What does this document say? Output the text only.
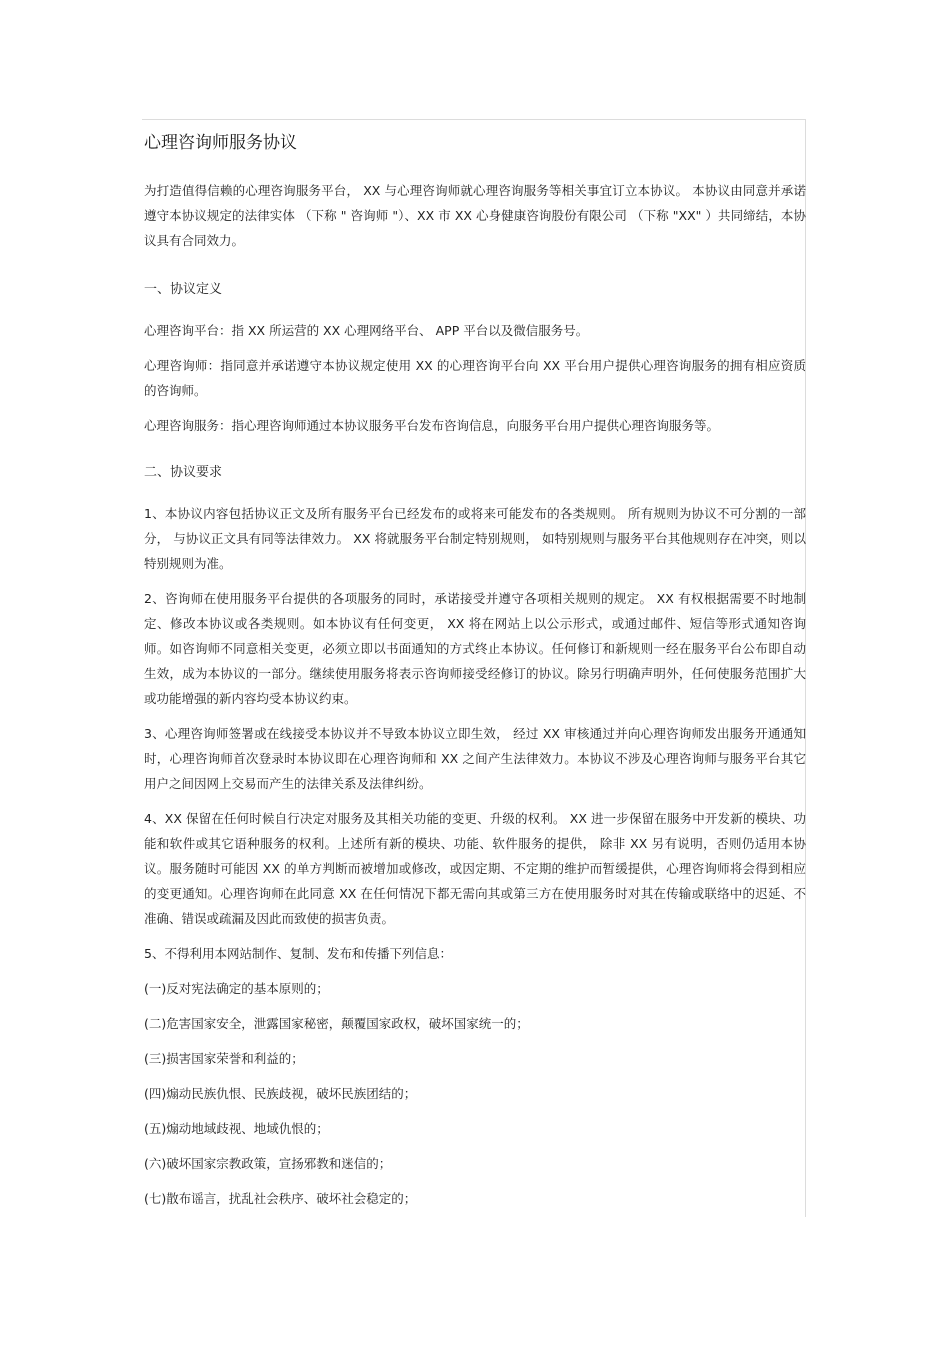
心理咨询师服务协议

为打造值得信赖的心理咨询服务平台， XX 与心理咨询师就心理咨询服务等相关事宜订立本协议。 本协议由同意并承诺遵守本协议规定的法律实体 （下称 " 咨询师 "）、XX 市 XX 心身健康咨询股份有限公司 （下称 "XX" ）共同缔结，本协议具有合同效力。

一、协议定义

心理咨询平台：指 XX 所运营的 XX 心理网络平台、 APP 平台以及微信服务号。

心理咨询师：指同意并承诺遵守本协议规定使用 XX 的心理咨询平台向 XX 平台用户提供心理咨询服务的拥有相应资质的咨询师。

心理咨询服务：指心理咨询师通过本协议服务平台发布咨询信息，向服务平台用户提供心理咨询服务等。

二、协议要求

1、本协议内容包括协议正文及所有服务平台已经发布的或将来可能发布的各类规则。 所有规则为协议不可分割的一部分， 与协议正文具有同等法律效力。 XX 将就服务平台制定特别规则， 如特别规则与服务平台其他规则存在冲突，则以特别规则为准。

2、咨询师在使用服务平台提供的各项服务的同时，承诺接受并遵守各项相关规则的规定。 XX 有权根据需要不时地制定、修改本协议或各类规则。如本协议有任何变更， XX 将在网站上以公示形式，或通过邮件、短信等形式通知咨询师。如咨询师不同意相关变更，必须立即以书面通知的方式终止本协议。任何修订和新规则一经在服务平台公布即自动生效，成为本协议的一部分。继续使用服务将表示咨询师接受经修订的协议。除另行明确声明外，任何使服务范围扩大或功能增强的新内容均受本协议约束。

3、心理咨询师签署或在线接受本协议并不导致本协议立即生效， 经过 XX 审核通过并向心理咨询师发出服务开通通知时，心理咨询师首次登录时本协议即在心理咨询师和 XX 之间产生法律效力。本协议不涉及心理咨询师与服务平台其它用户之间因网上交易而产生的法律关系及法律纠纷。

4、XX 保留在任何时候自行决定对服务及其相关功能的变更、升级的权利。 XX 进一步保留在服务中开发新的模块、功能和软件或其它语种服务的权利。上述所有新的模块、功能、软件服务的提供， 除非 XX 另有说明，否则仍适用本协议。服务随时可能因 XX 的单方判断而被增加或修改，或因定期、不定期的维护而暂缓提供，心理咨询师将会得到相应的变更通知。心理咨询师在此同意 XX 在任何情况下都无需向其或第三方在使用服务时对其在传输或联络中的迟延、不准确、错误或疏漏及因此而致使的损害负责。

5、不得利用本网站制作、复制、发布和传播下列信息：

(一)反对宪法确定的基本原则的；

(二)危害国家安全，泄露国家秘密，颠覆国家政权，破坏国家统一的；

(三)损害国家荣誉和利益的；

(四)煽动民族仇恨、民族歧视，破坏民族团结的；

(五)煽动地域歧视、地域仇恨的；

(六)破坏国家宗教政策，宣扬邪教和迷信的；

(七)散布谣言，扰乱社会秩序、破坏社会稳定的；
